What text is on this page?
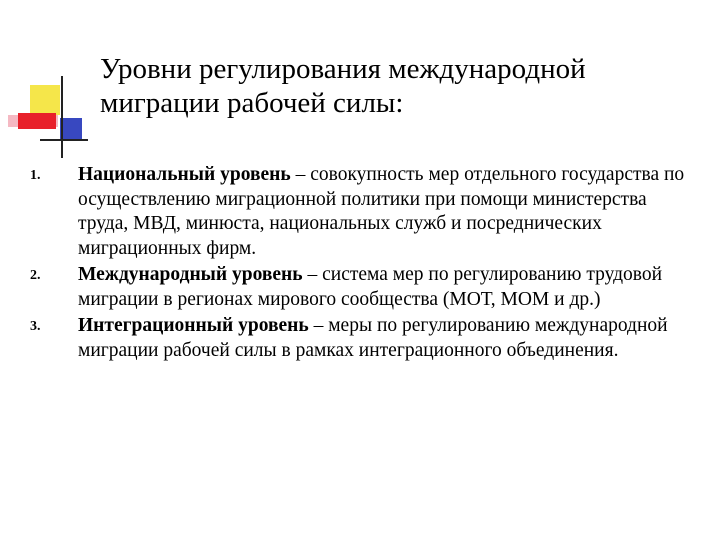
Уровни регулирования международной миграции рабочей силы:
1. Национальный уровень – совокупность мер отдельного государства по осуществлению миграционной политики при помощи министерства труда, МВД, минюста, национальных служб и посреднических миграционных фирм.
2. Международный уровень – система мер по регулированию трудовой миграции в регионах мирового сообщества (МОТ, МОМ и др.)
3. Интеграционный уровень – меры по регулированию международной миграции рабочей силы в рамках интеграционного объединения.
